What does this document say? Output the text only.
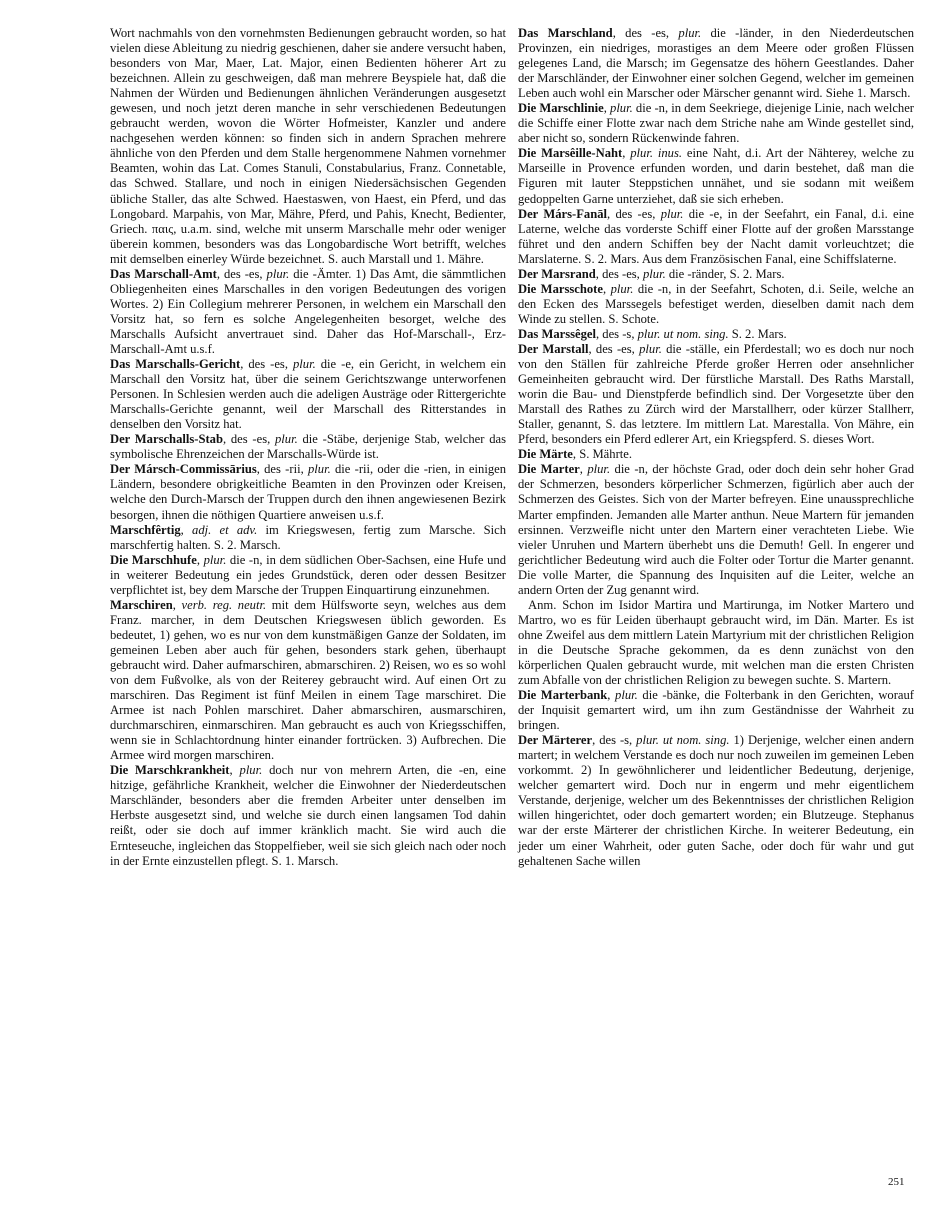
Wort nachmahls von den vornehmsten Bedienungen gebraucht worden, so hat vielen diese Ableitung zu niedrig geschienen, daher sie andere versucht haben, besonders von Mar, Maer, Lat. Major, einen Bedienten höherer Art zu bezeichnen. Allein zu geschweigen, daß man mehrere Beyspiele hat, daß die Nahmen der Würden und Bedienungen ähnlichen Veränderungen ausgesetzt gewesen, und noch jetzt deren manche in sehr verschiedenen Bedeutungen gebraucht werden, wovon die Wörter Hofmeister, Kanzler und andere nachgesehen werden können: so finden sich in andern Sprachen mehrere ähnliche von den Pferden und dem Stalle hergenommene Nahmen vornehmer Beamten, wohin das Lat. Comes Stanuli, Constabularius, Franz. Connetable, das Schwed. Stallare, und noch in einigen Niedersächsischen Gegenden übliche Staller, das alte Schwed. Haestaswen, von Haest, ein Pferd, und das Longobard. Marpahis, von Mar, Mähre, Pferd, und Pahis, Knecht, Bedienter, Griech. παις, u.a.m. sind, welche mit unserm Marschalle mehr oder weniger überein kommen, besonders was das Longobardische Wort betrifft, welches mit demselben einerley Würde bezeichnet. S. auch Marstall und 1. Mähre.

Das Marschall-Amt, des -es, plur. die -Ämter. 1) Das Amt, die sämmtlichen Obliegenheiten eines Marschalles in den vorigen Bedeutungen des vorigen Wortes. 2) Ein Collegium mehrerer Personen, in welchem ein Marschall den Vorsitz hat, so fern es solche Angelegenheiten besorget, welche des Marschalls Aufsicht anvertrauet sind. Daher das Hof-Marschall-, Erz-Marschall-Amt u.s.f.

Das Marschalls-Gericht, des -es, plur. die -e, ein Gericht, in welchem ein Marschall den Vorsitz hat, über die seinem Gerichtszwange unterworfenen Personen. In Schlesien werden auch die adeligen Austräge oder Rittergerichte Marschalls-Gerichte genannt, weil der Marschall des Ritterstandes in denselben den Vorsitz hat.

Der Marschalls-Stab, des -es, plur. die -Stäbe, derjenige Stab, welcher das symbolische Ehrenzeichen der Marschalls-Würde ist.

Der Mársch-Commissārius, des -rii, plur. die -rii, oder die -rien, in einigen Ländern, besondere obrigkeitliche Beamten in den Provinzen oder Kreisen, welche den Durch-Marsch der Truppen durch den ihnen angewiesenen Bezirk besorgen, ihnen die nöthigen Quartiere anweisen u.s.f.

Marschfêrtig, adj. et adv. im Kriegswesen, fertig zum Marsche. Sich marschfertig halten. S. 2. Marsch.

Die Marschhufe, plur. die -n, in dem südlichen Ober-Sachsen, eine Hufe und in weiterer Bedeutung ein jedes Grundstück, deren oder dessen Besitzer verpflichtet ist, bey dem Marsche der Truppen Einquartirung einzunehmen.

Marschiren, verb. reg. neutr. mit dem Hülfsworte seyn, welches aus dem Franz. marcher, in dem Deutschen Kriegswesen üblich geworden. Es bedeutet, 1) gehen, wo es nur von dem kunstmäßigen Ganze der Soldaten, im gemeinen Leben aber auch für gehen, besonders stark gehen, überhaupt gebraucht wird. Daher aufmarschiren, abmarschiren. 2) Reisen, wo es so wohl von dem Fußvolke, als von der Reiterey gebraucht wird. Auf einen Ort zu marschiren. Das Regiment ist fünf Meilen in einem Tage marschiret. Die Armee ist nach Pohlen marschiret. Daher abmarschiren, ausmarschiren, durchmarschiren, einmarschiren. Man gebraucht es auch von Kriegsschiffen, wenn sie in Schlachtordnung hinter einander fortrücken. 3) Aufbrechen. Die Armee wird morgen marschiren.

Die Marschkrankheit, plur. doch nur von mehrern Arten, die -en, eine hitzige, gefährliche Krankheit, welcher die Einwohner der Niederdeutschen Marschländer, besonders aber die fremden Arbeiter unter denselben im Herbste ausgesetzt sind, und welche sie durch einen langsamen Tod dahin reißt, oder sie doch auf immer kränklich macht. Sie wird auch die Ernteseuche, ingleichen das Stoppelfieber, weil sie sich gleich nach oder noch in der Ernte einzustellen pflegt. S. 1. Marsch.

Das Marschland, des -es, plur. die -länder, in den Niederdeutschen Provinzen, ein niedriges, morastiges an dem Meere oder großen Flüssen gelegenes Land, die Marsch; im Gegensatze des höhern Geestlandes. Daher der Marschländer, der Einwohner einer solchen Gegend, welcher im gemeinen Leben auch wohl ein Marscher oder Märscher genannt wird. Siehe 1. Marsch.

Die Marschlinie, plur. die -n, in dem Seekriege, diejenige Linie, nach welcher die Schiffe einer Flotte zwar nach dem Striche nahe am Winde gestellet sind, aber nicht so, sondern Rückenwinde fahren.

Die Marsêille-Naht, plur. inus. eine Naht, d.i. Art der Nähterey, welche zu Marseille in Provence erfunden worden, und darin bestehet, daß man die Figuren mit lauter Steppstichen unnähet, und sie sodann mit weißem gedoppelten Garne unterziehet, daß sie sich erheben.

Der Márs-Fanāl, des -es, plur. die -e, in der Seefahrt, ein Fanal, d.i. eine Laterne, welche das vorderste Schiff einer Flotte auf der großen Marsstange führet und den andern Schiffen bey der Nacht damit vorleuchtzet; die Marslaterne. S. 2. Mars. Aus dem Französischen Fanal, eine Schiffslaterne.

Der Marsrand, des -es, plur. die -ränder, S. 2. Mars.

Die Marsschote, plur. die -n, in der Seefahrt, Schoten, d.i. Seile, welche an den Ecken des Marssegels befestiget werden, dieselben damit nach dem Winde zu stellen. S. Schote.

Das Marssêgel, des -s, plur. ut nom. sing. S. 2. Mars.

Der Marstall, des -es, plur. die -ställe, ein Pferdestall; wo es doch nur noch von den Ställen für zahlreiche Pferde großer Herren oder ansehnlicher Gemeinheiten gebraucht wird. Der fürstliche Marstall. Des Raths Marstall, worin die Bau- und Dienstpferde befindlich sind. Der Vorgesetzte über den Marstall des Rathes zu Zürch wird der Marstallherr, oder kürzer Stallherr, Staller, genannt, S. das letztere. Im mittlern Lat. Marestalla. Von Mähre, ein Pferd, besonders ein Pferd edlerer Art, ein Kriegspferd. S. dieses Wort.

Die Märte, S. Mährte.

Die Marter, plur. die -n, der höchste Grad, oder doch dein sehr hoher Grad der Schmerzen, besonders körperlicher Schmerzen, figürlich aber auch der Schmerzen des Geistes. Sich von der Marter befreyen. Eine unaussprechliche Marter empfinden. Jemanden alle Marter anthun. Neue Martern für jemanden ersinnen. Verzweifle nicht unter den Martern einer verachteten Liebe. Wie vieler Unruhen und Martern überhebt uns die Demuth! Gell. In engerer und gerichtlicher Bedeutung wird auch die Folter oder Tortur die Marter genannt. Die volle Marter, die Spannung des Inquisiten auf die Leiter, welche an andern Orten der Zug genannt wird.

Anm. Schon im Isidor Martira und Martirunga, im Notker Martero und Martro, wo es für Leiden überhaupt gebraucht wird, im Dän. Marter. Es ist ohne Zweifel aus dem mittlern Latein Martyrium mit der christlichen Religion in die Deutsche Sprache gekommen, da es denn zunächst von den körperlichen Qualen gebraucht wurde, mit welchen man die ersten Christen zum Abfalle von der christlichen Religion zu bewegen suchte. S. Martern.

Die Marterbank, plur. die -bänke, die Folterbank in den Gerichten, worauf der Inquisit gemartert wird, um ihn zum Geständnisse der Wahrheit zu bringen.

Der Märterer, des -s, plur. ut nom. sing. 1) Derjenige, welcher einen andern martert; in welchem Verstande es doch nur noch zuweilen im gemeinen Leben vorkommt. 2) In gewöhnlicherer und leidentlicher Bedeutung, derjenige, welcher gemartert wird. Doch nur in engerm und mehr eigentlichem Verstande, derjenige, welcher um des Bekenntnisses der christlichen Religion willen hingerichtet, oder doch gemartert worden; ein Blutzeuge. Stephanus war der erste Märterer der christlichen Kirche. In weiterer Bedeutung, ein jeder um einer Wahrheit, oder guten Sache, oder doch für wahr und gut gehaltenen Sache willen

251
